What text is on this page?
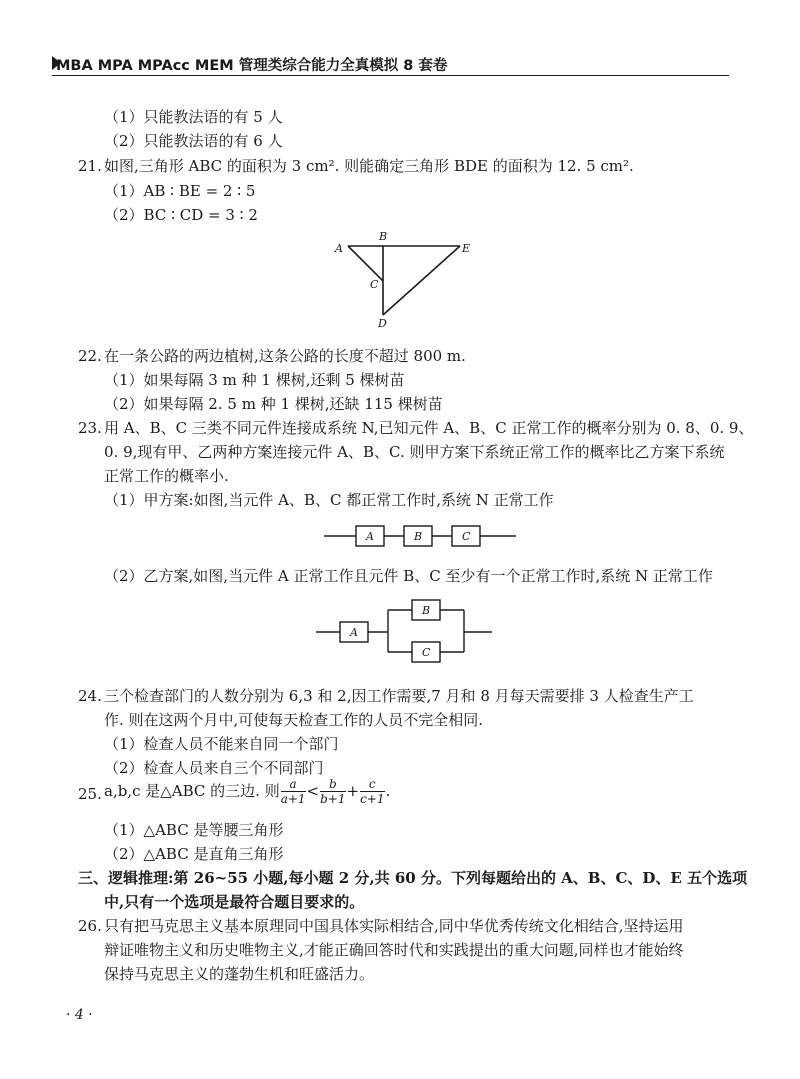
MBA MPA MPAcc MEM 管理类综合能力全真模拟 8 套卷
（1）只能教法语的有 5 人
（2）只能教法语的有 6 人
21. 如图,三角形 ABC 的面积为 3 cm². 则能确定三角形 BDE 的面积为 12. 5 cm².
（1）AB ∶ BE = 2 ∶ 5
（2）BC ∶ CD = 3 ∶ 2
A
B
C
D
E
22. 在一条公路的两边植树,这条公路的长度不超过 800 m.
（1）如果每隔 3 m 种 1 棵树,还剩 5 棵树苗
（2）如果每隔 2. 5 m 种 1 棵树,还缺 115 棵树苗
23. 用 A、B、C 三类不同元件连接成系统 N,已知元件 A、B、C 正常工作的概率分别为 0. 8、0. 9、
0. 9,现有甲、乙两种方案连接元件 A、B、C. 则甲方案下系统正常工作的概率比乙方案下系统
正常工作的概率小.
（1）甲方案:如图,当元件 A、B、C 都正常工作时,系统 N 正常工作
A	B	C
（2）乙方案,如图,当元件 A 正常工作且元件 B、C 至少有一个正常工作时,系统 N 正常工作
A
B
C
24. 三个检查部门的人数分别为 6,3 和 2,因工作需要,7 月和 8 月每天需要排 3 人检查生产工
作. 则在这两个月中,可使每天检查工作的人员不完全相同.
（1）检查人员不能来自同一个部门
（2）检查人员来自三个不同部门
25. a,b,c 是△ABC 的三边. 则 $\frac{a}{a+1} < \frac{b}{b+1} + \frac{c}{c+1}$ .
（1）△ABC 是等腰三角形
（2）△ABC 是直角三角形
三、逻辑推理:第 26~55 小题,每小题 2 分,共 60 分。下列每题给出的 A、B、C、D、E 五个选项
中,只有一个选项是最符合题目要求的。
26. 只有把马克思主义基本原理同中国具体实际相结合,同中华优秀传统文化相结合,坚持运用
辩证唯物主义和历史唯物主义,才能正确回答时代和实践提出的重大问题,同样也才能始终
保持马克思主义的蓬勃生机和旺盛活力。
· 4 ·
